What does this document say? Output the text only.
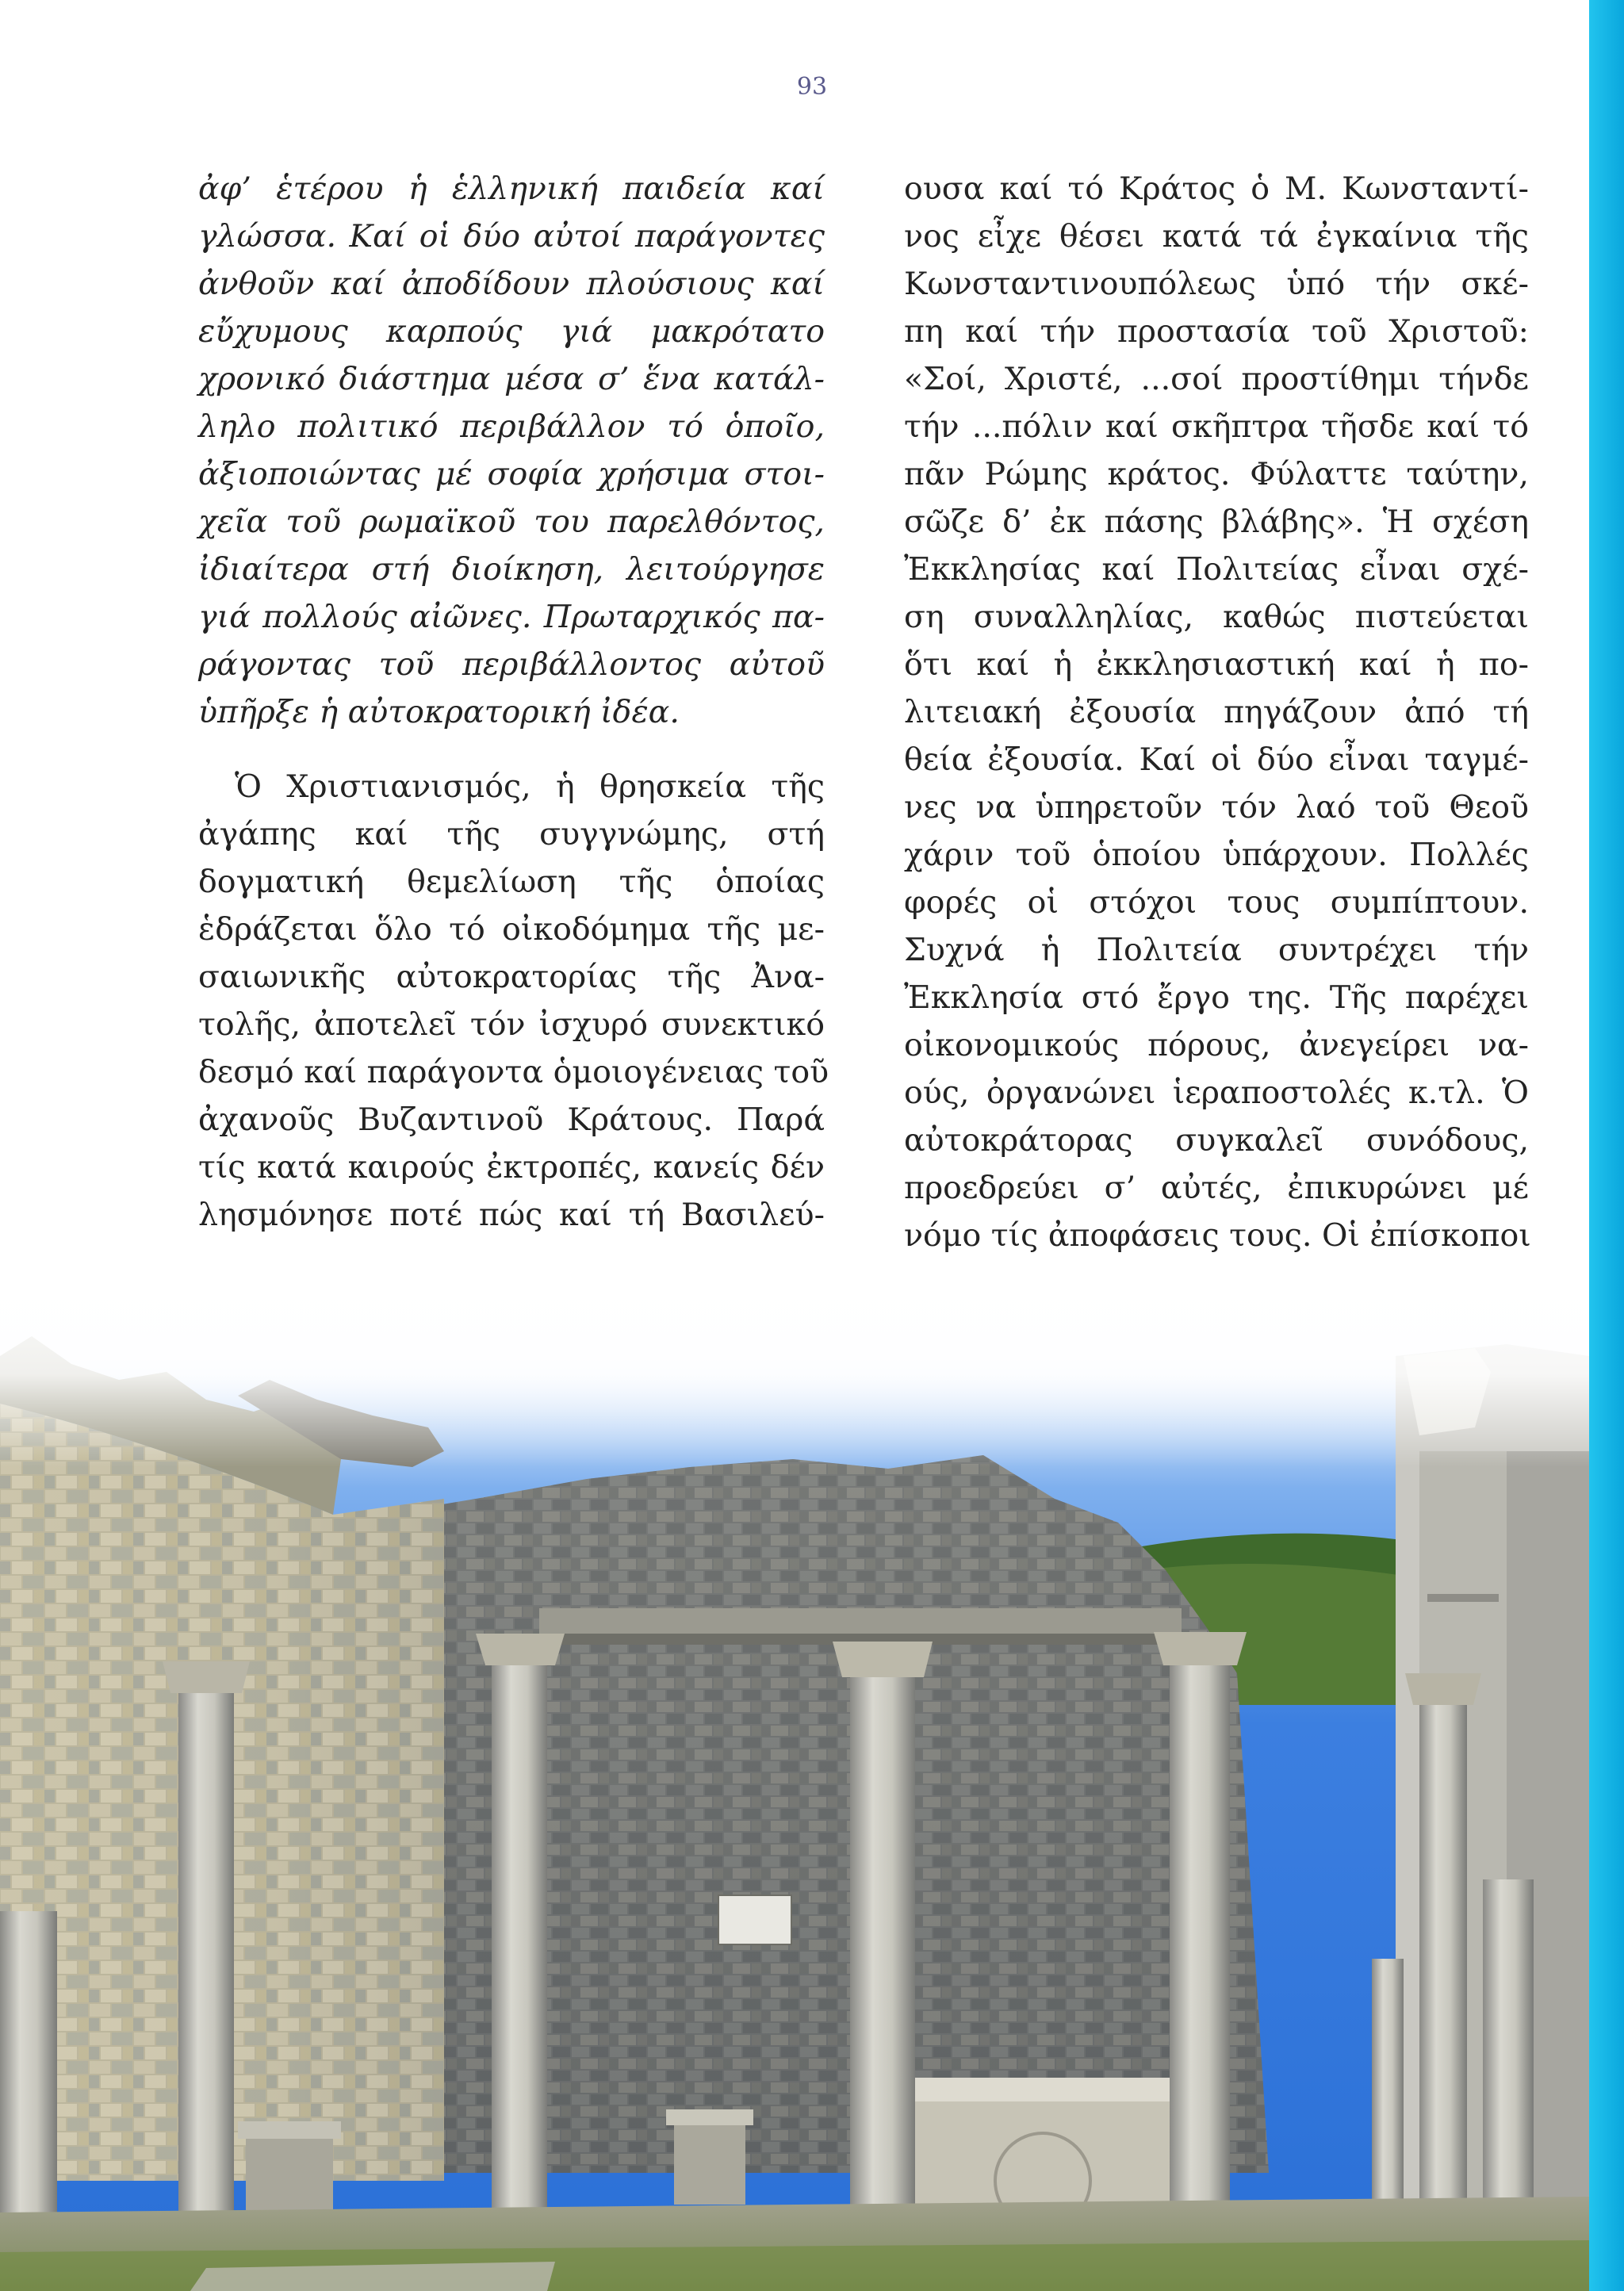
93
ἀφ’ ἑτέρου ἡ ἑλληνική παιδεία καί
γλώσσα. Καί οἱ δύο αὐτοί παράγοντες
ἀνθοῦν καί ἀποδίδουν πλούσιους καί
εὔχυμους καρπούς γιά μακρότατο
χρονικό διάστημα μέσα σ’ ἕνα κατάλ-
ληλο πολιτικό περιβάλλον τό ὁποῖο,
ἀξιοποιώντας μέ σοφία χρήσιμα στοι-
χεῖα τοῦ ρωμαϊκοῦ του παρελθόντος,
ἰδιαίτερα στή διοίκηση, λειτούργησε
γιά πολλούς αἰῶνες. Πρωταρχικός πα-
ράγοντας τοῦ περιβάλλοντος αὐτοῦ
ὑπῆρξε ἡ αὐτοκρατορική ἰδέα.
Ὁ Χριστιανισμός, ἡ θρησκεία τῆς
ἀγάπης καί τῆς συγγνώμης, στή
δογματική θεμελίωση τῆς ὁποίας
ἑδράζεται ὅλο τό οἰκοδόμημα τῆς με-
σαιωνικῆς αὐτοκρατορίας τῆς Ἀνα-
τολῆς, ἀποτελεῖ τόν ἰσχυρό συνεκτικό
δεσμό καί παράγοντα ὁμοιογένειας τοῦ
ἀχανοῦς Βυζαντινοῦ Κράτους. Παρά
τίς κατά καιρούς ἐκτροπές, κανείς δέν
λησμόνησε ποτέ πώς καί τή Βασιλεύ-
ουσα καί τό Κράτος ὁ Μ. Κωνσταντί-
νος εἶχε θέσει κατά τά ἐγκαίνια τῆς
Κωνσταντινουπόλεως ὑπό τήν σκέ-
πη καί τήν προστασία τοῦ Χριστοῦ:
«Σοί, Χριστέ, ...σοί προστίθημι τήνδε
τήν ...πόλιν καί σκῆπτρα τῆσδε καί τό
πᾶν Ρώμης κράτος. Φύλαττε ταύτην,
σῶζε δ’ ἐκ πάσης βλάβης». Ἡ σχέση
Ἐκκλησίας καί Πολιτείας εἶναι σχέ-
ση συναλληλίας, καθώς πιστεύεται
ὅτι καί ἡ ἐκκλησιαστική καί ἡ πο-
λιτειακή ἐξουσία πηγάζουν ἀπό τή
θεία ἐξουσία. Καί οἱ δύο εἶναι ταγμέ-
νες να ὑπηρετοῦν τόν λαό τοῦ Θεοῦ
χάριν τοῦ ὁποίου ὑπάρχουν. Πολλές
φορές οἱ στόχοι τους συμπίπτουν.
Συχνά ἡ Πολιτεία συντρέχει τήν
Ἐκκλησία στό ἔργο της. Τῆς παρέχει
οἰκονομικούς πόρους, ἀνεγείρει να-
ούς, ὀργανώνει ἱεραποστολές κ.τλ. Ὁ
αὐτοκράτορας συγκαλεῖ συνόδους,
προεδρεύει σ’ αὐτές, ἐπικυρώνει μέ
νόμο τίς ἀποφάσεις τους. Οἱ ἐπίσκοποι
